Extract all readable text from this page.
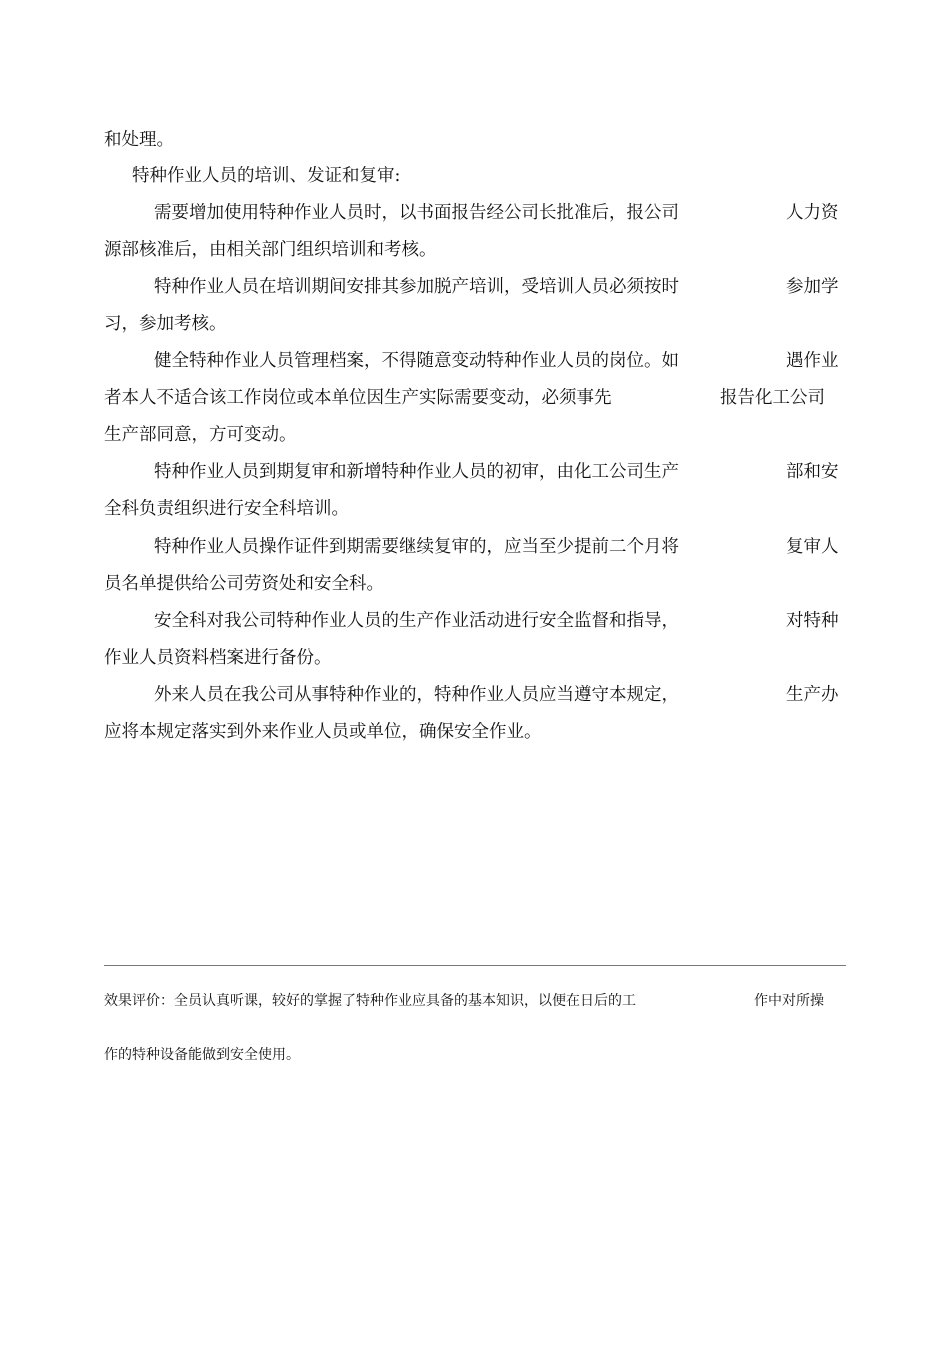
和处理。
特种作业人员的培训、发证和复审:
需要增加使用特种作业人员时，以书面报告经公司长批准后，报公司	人力资
源部核准后，由相关部门组织培训和考核。
特种作业人员在培训期间安排其参加脱产培训，受培训人员必须按时	参加学
习，参加考核。
健全特种作业人员管理档案，不得随意变动特种作业人员的岗位。如	遇作业
者本人不适合该工作岗位或本单位因生产实际需要变动，必须事先	报告化工公司
生产部同意，方可变动。
特种作业人员到期复审和新增特种作业人员的初审，由化工公司生产	部和安
全科负责组织进行安全科培训。
特种作业人员操作证件到期需要继续复审的，应当至少提前二个月将	复审人
员名单提供给公司劳资处和安全科。
安全科对我公司特种作业人员的生产作业活动进行安全监督和指导，	对特种
作业人员资料档案进行备份。
外来人员在我公司从事特种作业的，特种作业人员应当遵守本规定，	生产办
应将本规定落实到外来作业人员或单位，确保安全作业。
效果评价：全员认真听课，较好的掌握了特种作业应具备的基本知识，以便在日后的工	作中对所操
作的特种设备能做到安全使用。
